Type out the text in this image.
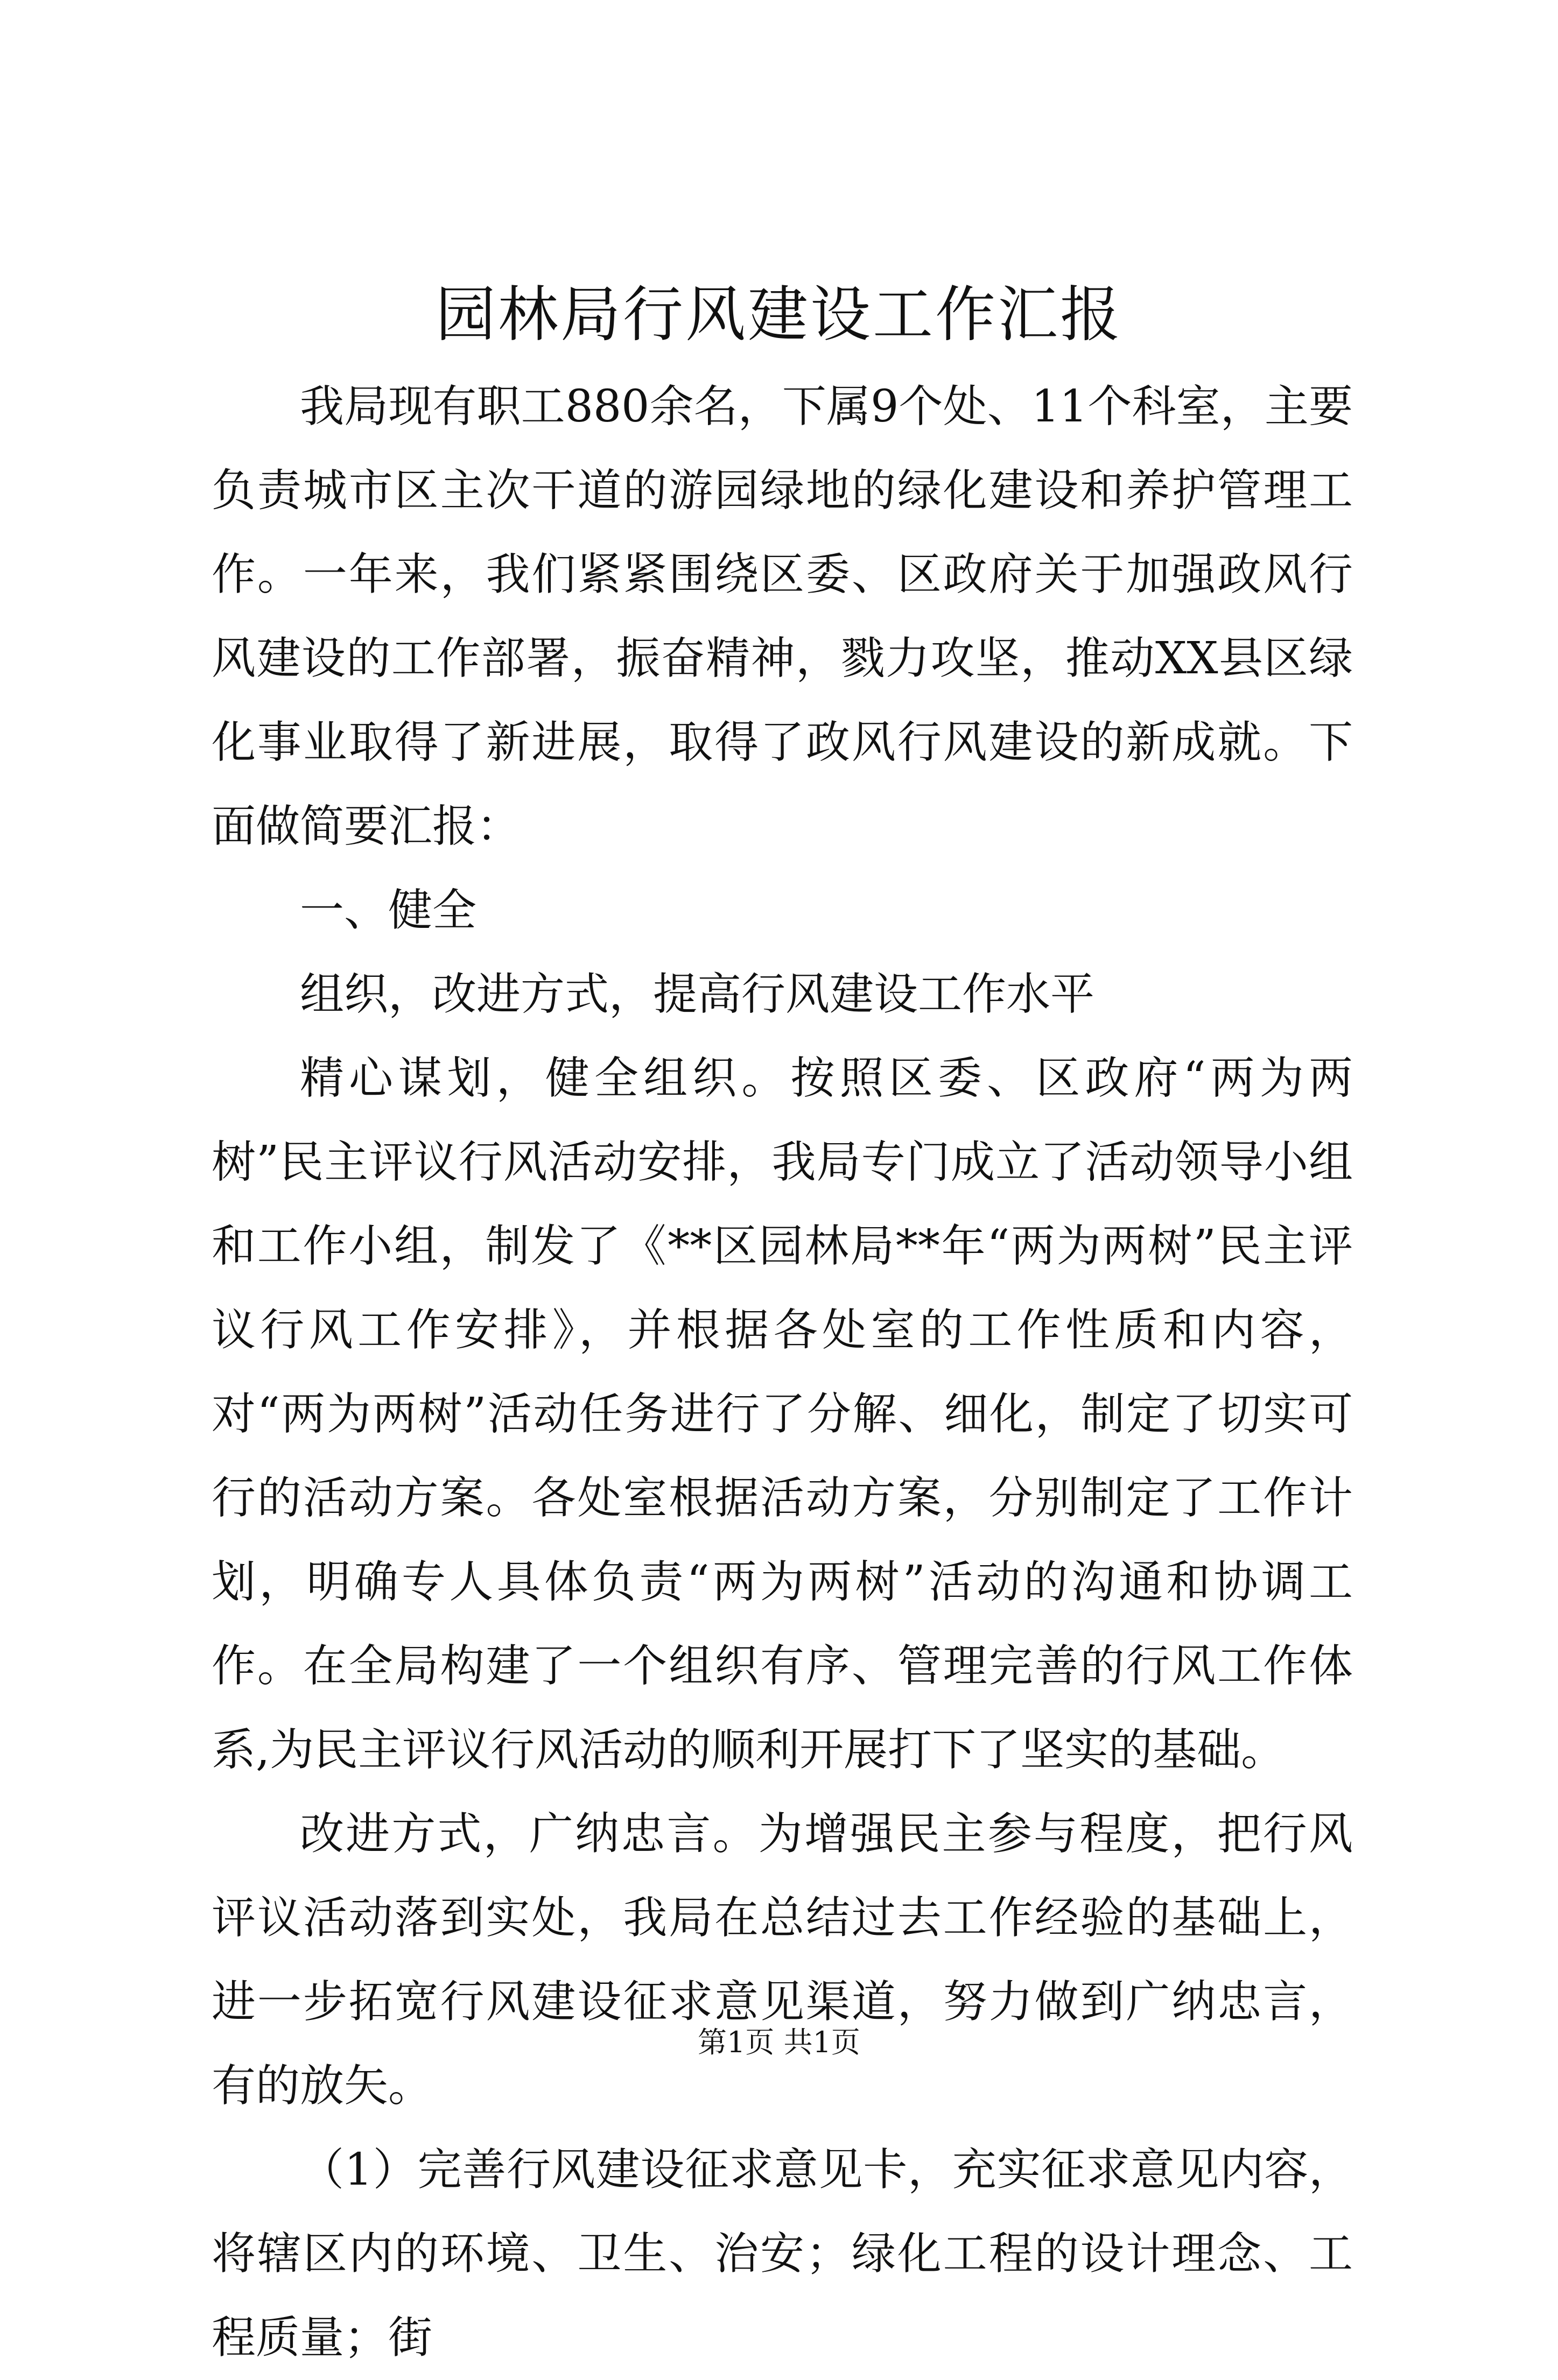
园林局行风建设工作汇报

我局现有职工880余名，下属9个处、11个科室，主要负责城市区主次干道的游园绿地的绿化建设和养护管理工作。一年来，我们紧紧围绕区委、区政府关于加强政风行风建设的工作部署，振奋精神，戮力攻坚，推动XX县区绿化事业取得了新进展，取得了政风行风建设的新成就。下面做简要汇报：

一、健全

组织，改进方式，提高行风建设工作水平

精心谋划，健全组织。按照区委、区政府“两为两树”民主评议行风活动安排，我局专门成立了活动领导小组和工作小组，制发了《**区园林局**年“两为两树”民主评议行风工作安排》，并根据各处室的工作性质和内容，对“两为两树”活动任务进行了分解、细化，制定了切实可行的活动方案。各处室根据活动方案，分别制定了工作计划，明确专人具体负责“两为两树”活动的沟通和协调工作。在全局构建了一个组织有序、管理完善的行风工作体系,为民主评议行风活动的顺利开展打下了坚实的基础。

改进方式，广纳忠言。为增强民主参与程度，把行风评议活动落到实处，我局在总结过去工作经验的基础上，进一步拓宽行风建设征求意见渠道，努力做到广纳忠言，有的放矢。

（1）完善行风建设征求意见卡，充实征求意见内容，将辖区内的环境、卫生、治安；绿化工程的设计理念、工程质量；街

第1页 共1页
